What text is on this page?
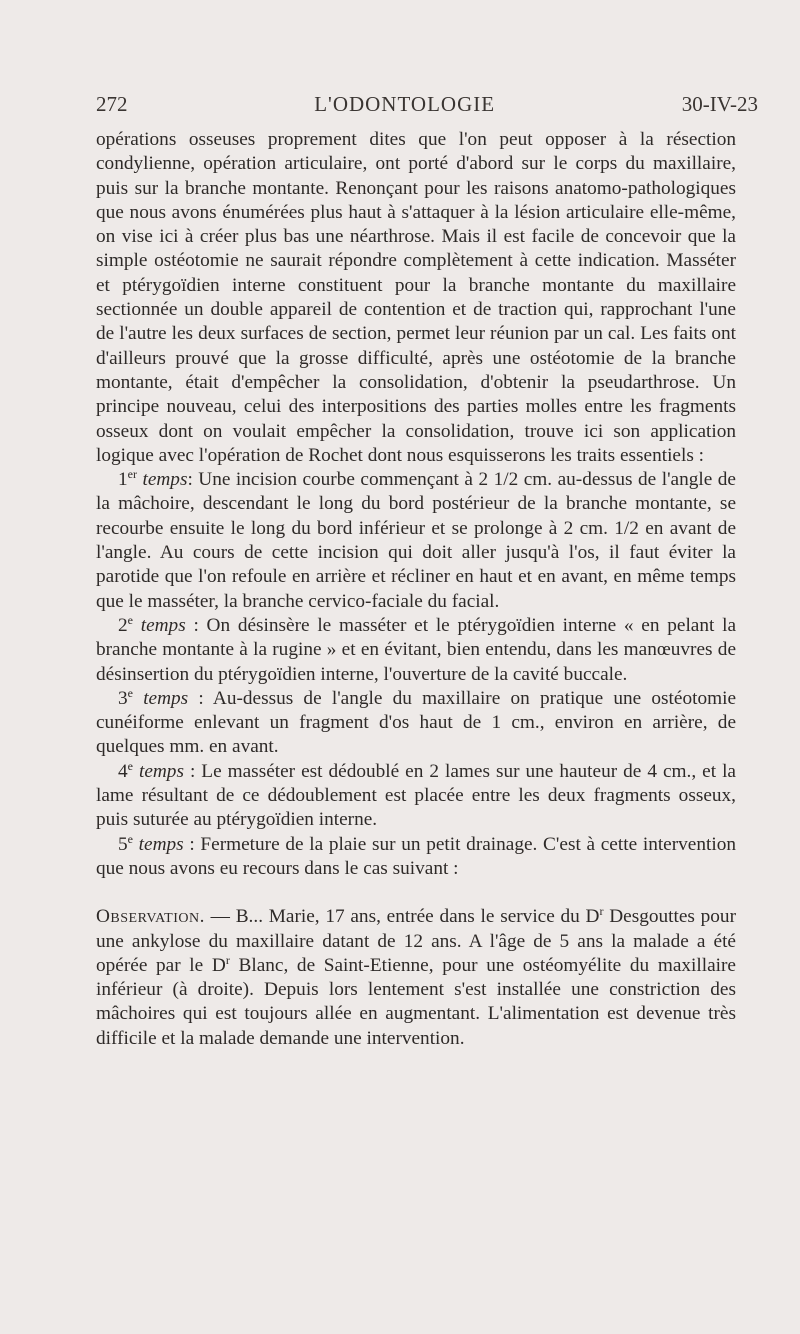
272	L'ODONTOLOGIE	30-IV-23

opérations osseuses proprement dites que l'on peut opposer à la résection condylienne, opération articulaire, ont porté d'abord sur le corps du maxillaire, puis sur la branche montante. Renonçant pour les raisons anatomo-pathologiques que nous avons énumérées plus haut à s'attaquer à la lésion articulaire elle-même, on vise ici à créer plus bas une néarthrose. Mais il est facile de concevoir que la simple ostéotomie ne saurait répondre complètement à cette indication. Masséter et ptérygoïdien interne constituent pour la branche montante du maxillaire sectionnée un double appareil de contention et de traction qui, rapprochant l'une de l'autre les deux surfaces de section, permet leur réunion par un cal. Les faits ont d'ailleurs prouvé que la grosse difficulté, après une ostéotomie de la branche montante, était d'empêcher la consolidation, d'obtenir la pseudarthrose. Un principe nouveau, celui des interpositions des parties molles entre les fragments osseux dont on voulait empêcher la consolidation, trouve ici son application logique avec l'opération de Rochet dont nous esquisserons les traits essentiels :

1er temps: Une incision courbe commençant à 2 1/2 cm. au-dessus de l'angle de la mâchoire, descendant le long du bord postérieur de la branche montante, se recourbe ensuite le long du bord inférieur et se prolonge à 2 cm. 1/2 en avant de l'angle. Au cours de cette incision qui doit aller jusqu'à l'os, il faut éviter la parotide que l'on refoule en arrière et récliner en haut et en avant, en même temps que le masséter, la branche cervico-faciale du facial.

2e temps : On désinsère le masséter et le ptérygoïdien interne « en pelant la branche montante à la rugine » et en évitant, bien entendu, dans les manœuvres de désinsertion du ptérygoïdien interne, l'ouverture de la cavité buccale.

3e temps : Au-dessus de l'angle du maxillaire on pratique une ostéotomie cunéiforme enlevant un fragment d'os haut de 1 cm., environ en arrière, de quelques mm. en avant.

4e temps : Le masséter est dédoublé en 2 lames sur une hauteur de 4 cm., et la lame résultant de ce dédoublement est placée entre les deux fragments osseux, puis suturée au ptérygoïdien interne.

5e temps : Fermeture de la plaie sur un petit drainage. C'est à cette intervention que nous avons eu recours dans le cas suivant :

Observation. — B... Marie, 17 ans, entrée dans le service du $D^r$ Desgouttes pour une ankylose du maxillaire datant de 12 ans. A l'âge de 5 ans la malade a été opérée par le $D^r$ Blanc, de Saint-Etienne, pour une ostéomyélite du maxillaire inférieur (à droite). Depuis lors lentement s'est installée une constriction des mâchoires qui est toujours allée en augmentant. L'alimentation est devenue très difficile et la malade demande une intervention.
